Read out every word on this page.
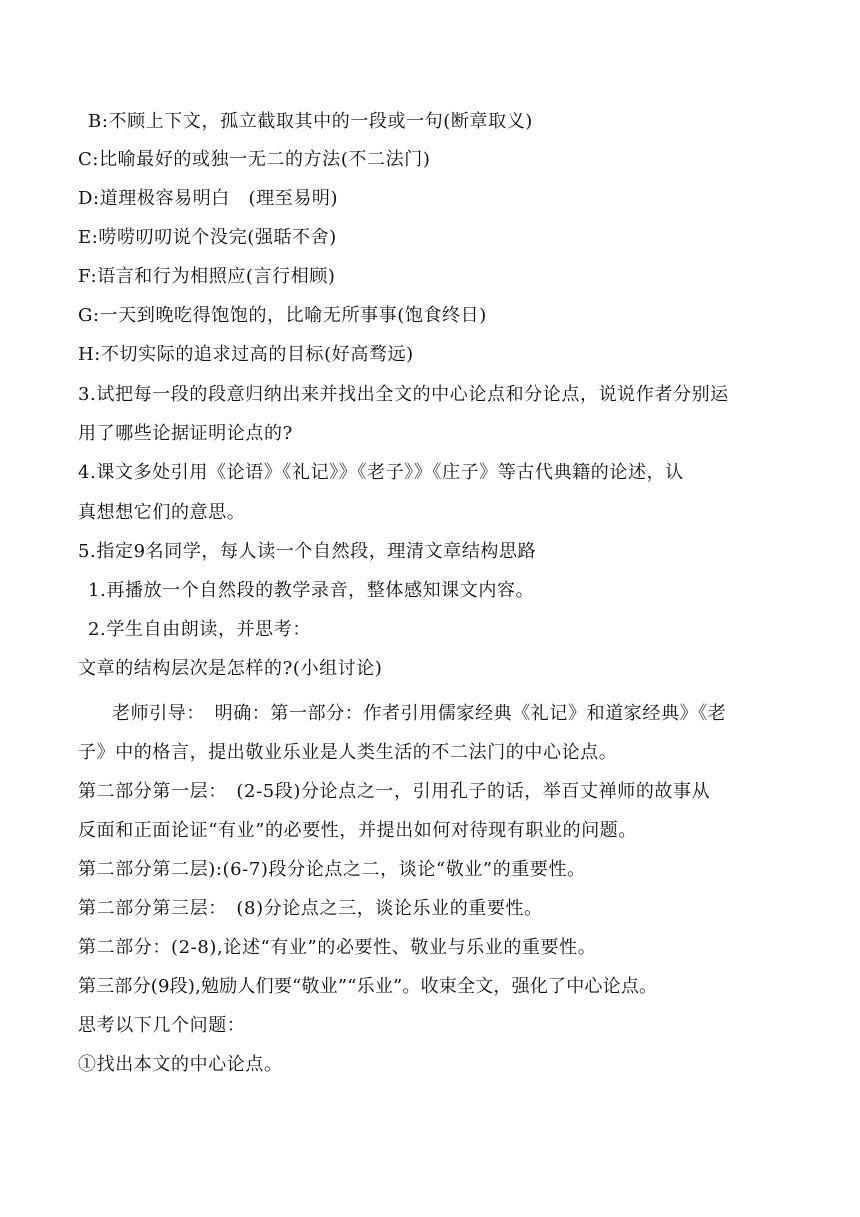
B:不顾上下文，孤立截取其中的一段或一句(断章取义)
C:比喻最好的或独一无二的方法(不二法门)
D:道理极容易明白　(理至易明)
E:唠唠叨叨说个没完(强聒不舍)
F:语言和行为相照应(言行相顾)
G:一天到晚吃得饱饱的，比喻无所事事(饱食终日)
H:不切实际的追求过高的目标(好高骛远)
3.试把每一段的段意归纳出来并找出全文的中心论点和分论点，说说作者分别运
用了哪些论据证明论点的?
4.课文多处引用《论语》《礼记》》《老子》》《庄子》等古代典籍的论述，认
真想想它们的意思。
5.指定9名同学，每人读一个自然段，理清文章结构思路
1.再播放一个自然段的教学录音，整体感知课文内容。
2.学生自由朗读，并思考：
文章的结构层次是怎样的?(小组讨论)
老师引导：　明确：第一部分：作者引用儒家经典《礼记》和道家经典》《老
子》中的格言，提出敬业乐业是人类生活的不二法门的中心论点。
第二部分第一层：　(2-5段)分论点之一，引用孔子的话，举百丈禅师的故事从
反面和正面论证“有业”的必要性，并提出如何对待现有职业的问题。
第二部分第二层):(6-7)段分论点之二，谈论“敬业”的重要性。
第二部分第三层：　(8)分论点之三，谈论乐业的重要性。
第二部分：(2-8),论述“有业”的必要性、敬业与乐业的重要性。
第三部分(9段),勉励人们要“敬业”“乐业”。收束全文，强化了中心论点。
思考以下几个问题：
①找出本文的中心论点。
